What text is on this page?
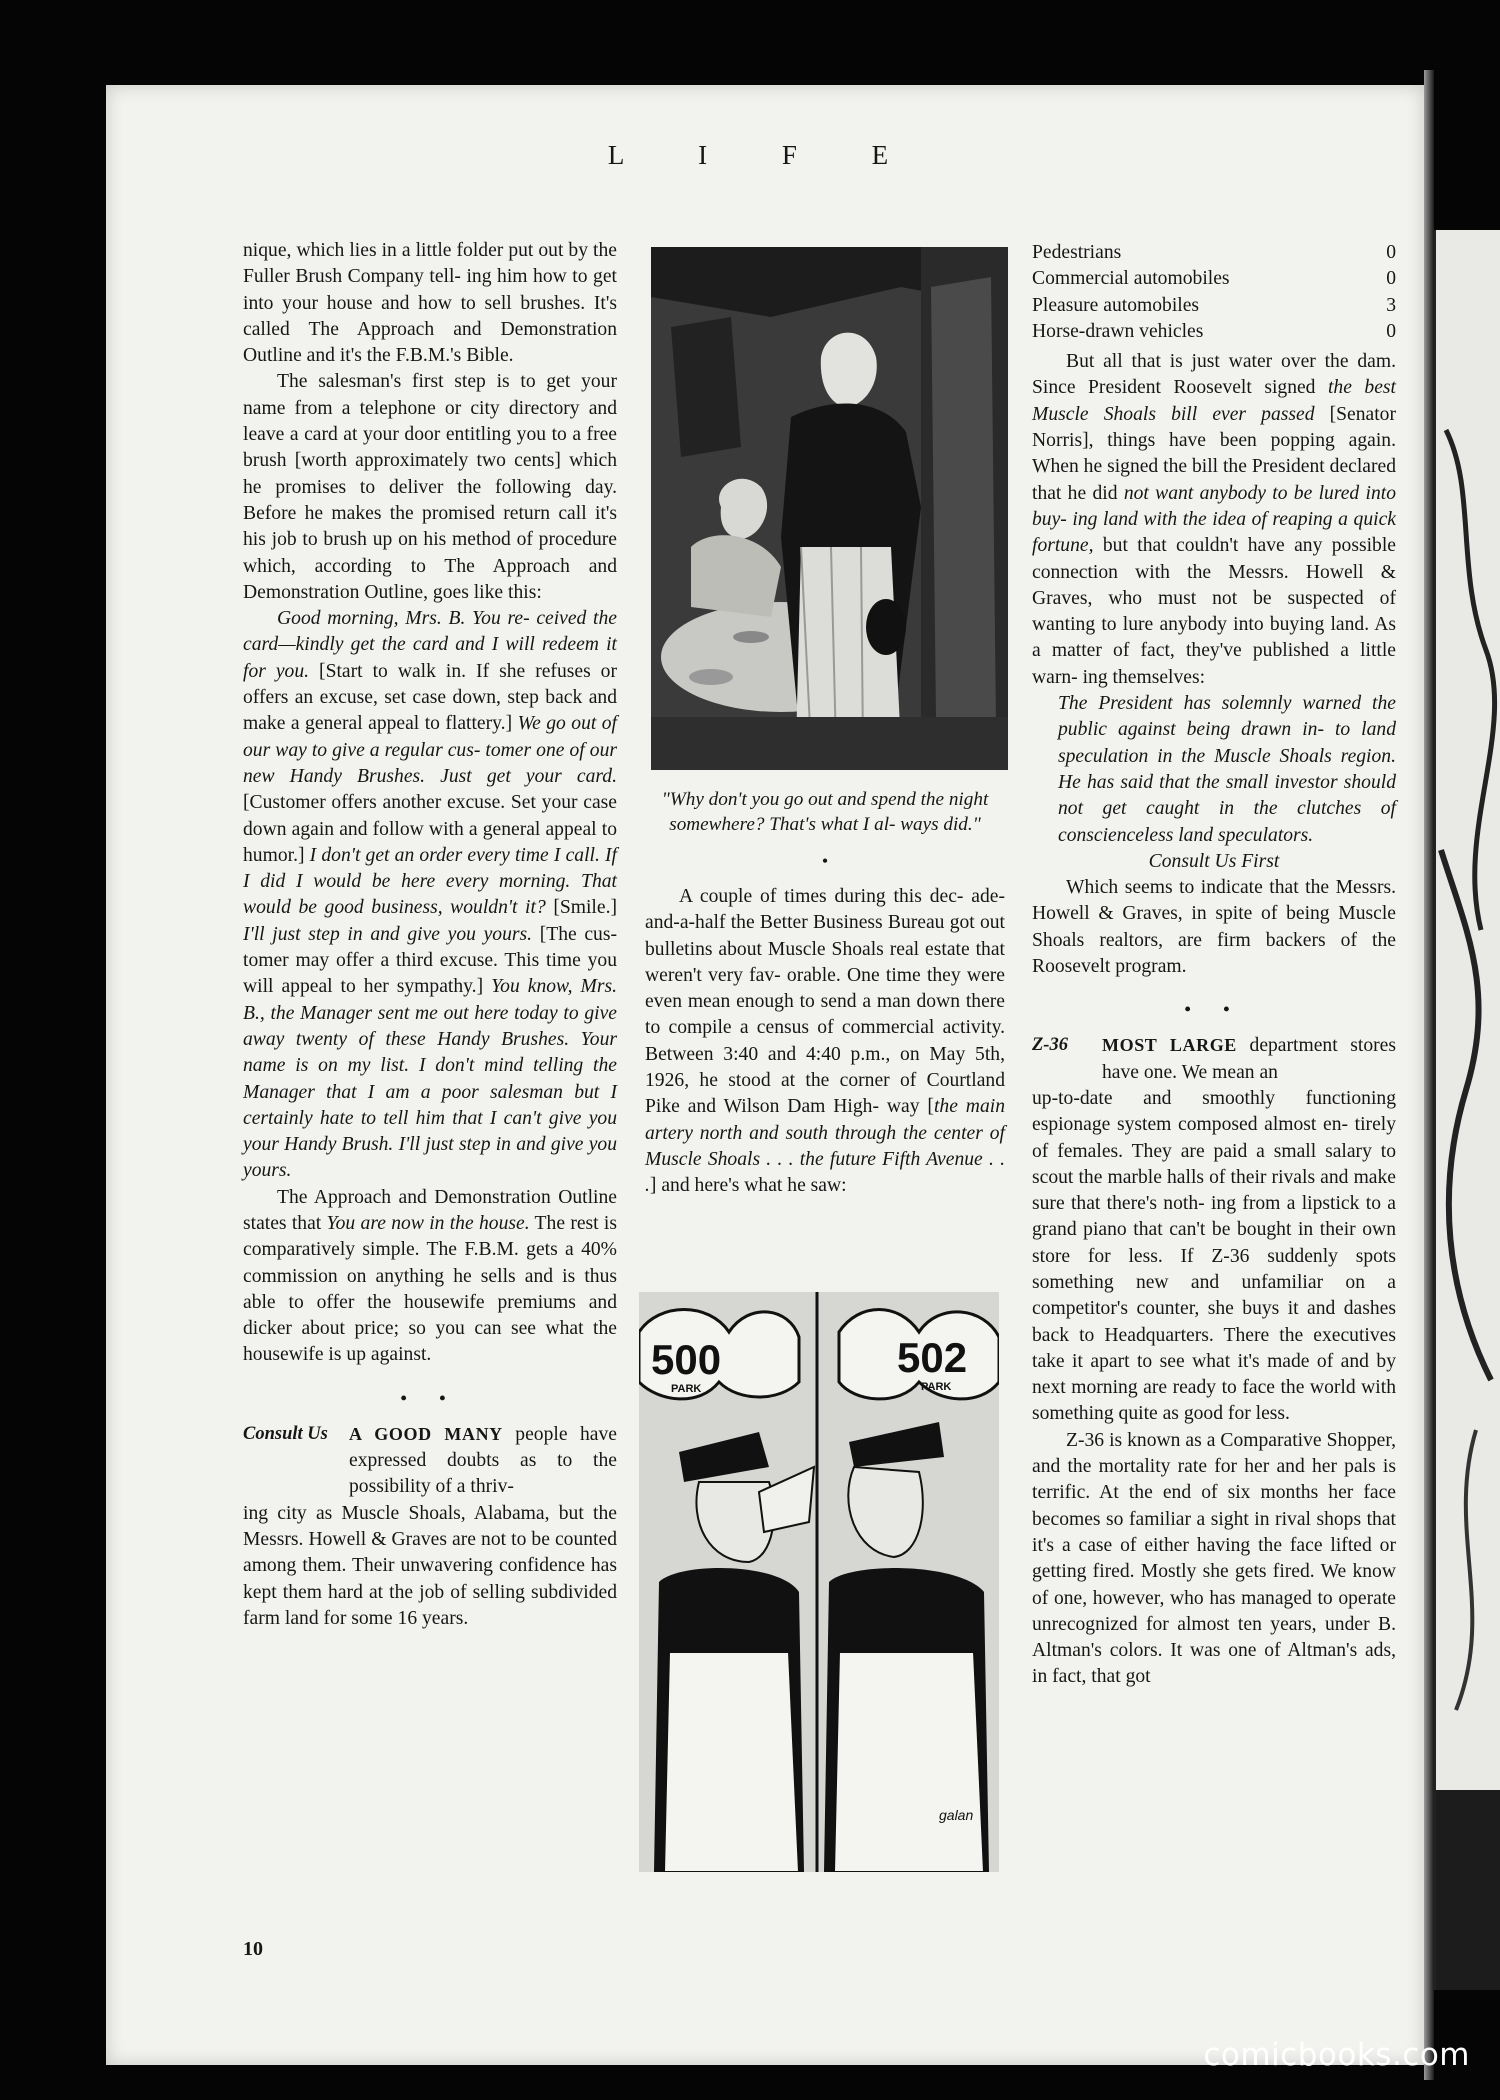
L I F E

nique, which lies in a little folder put out by the Fuller Brush Company tell- ing him how to get into your house and how to sell brushes. It's called The Approach and Demonstration Outline and it's the F.B.M.'s Bible.

The salesman's first step is to get your name from a telephone or city directory and leave a card at your door entitling you to a free brush [worth approximately two cents] which he promises to deliver the following day. Before he makes the promised return call it's his job to brush up on his method of procedure which, according to The Approach and Demonstration Outline, goes like this:

Good morning, Mrs. B. You re- ceived the card—kindly get the card and I will redeem it for you. [Start to walk in. If she refuses or offers an excuse, set case down, step back and make a general appeal to flattery.] We go out of our way to give a regular cus- tomer one of our new Handy Brushes. Just get your card. [Customer offers another excuse. Set your case down again and follow with a general appeal to humor.] I don't get an order every time I call. If I did I would be here every morning. That would be good business, wouldn't it? [Smile.] I'll just step in and give you yours. [The cus- tomer may offer a third excuse. This time you will appeal to her sympathy.] You know, Mrs. B., the Manager sent me out here today to give away twenty of these Handy Brushes. Your name is on my list. I don't mind telling the Manager that I am a poor salesman but I certainly hate to tell him that I can't give you your Handy Brush. I'll just step in and give you yours.

The Approach and Demonstration Outline states that You are now in the house. The rest is comparatively simple. The F.B.M. gets a 40% commission on anything he sells and is thus able to offer the housewife premiums and dicker about price; so you can see what the housewife is up against.

• •
Consult Us	A GOOD MANY people have expressed doubts as to the possibility of a thriv-

ing city as Muscle Shoals, Alabama, but the Messrs. Howell & Graves are not to be counted among them. Their unwavering confidence has kept them hard at the job of selling subdivided farm land for some 16 years.

"Why don't you go out and spend the night somewhere? That's what I al- ways did."
•

A couple of times during this dec- ade-and-a-half the Better Business Bureau got out bulletins about Muscle Shoals real estate that weren't very fav- orable. One time they were even mean enough to send a man down there to compile a census of commercial activity. Between 3:40 and 4:40 p.m., on May 5th, 1926, he stood at the corner of Courtland Pike and Wilson Dam High- way [the main artery north and south through the center of Muscle Shoals . . . the future Fifth Avenue . . .] and here's what he saw:

500
PARK
502
PARK
galan
Pedestrians	0
Commercial automobiles	0
Pleasure automobiles	3
Horse-drawn vehicles	0

But all that is just water over the dam. Since President Roosevelt signed the best Muscle Shoals bill ever passed [Senator Norris], things have been popping again. When he signed the bill the President declared that he did not want anybody to be lured into buy- ing land with the idea of reaping a quick fortune, but that couldn't have any possible connection with the Messrs. Howell & Graves, who must not be suspected of wanting to lure anybody into buying land. As a matter of fact, they've published a little warn- ing themselves:

The President has solemnly warned the public against being drawn in- to land speculation in the Muscle Shoals region. He has said that the small investor should not get caught in the clutches of conscienceless land speculators.

Consult Us First

Which seems to indicate that the Messrs. Howell & Graves, in spite of being Muscle Shoals realtors, are firm backers of the Roosevelt program.

• •
Z-36	MOST LARGE department stores have one. We mean an

up-to-date and smoothly functioning espionage system composed almost en- tirely of females. They are paid a small salary to scout the marble halls of their rivals and make sure that there's noth- ing from a lipstick to a grand piano that can't be bought in their own store for less. If Z-36 suddenly spots something new and unfamiliar on a competitor's counter, she buys it and dashes back to Headquarters. There the executives take it apart to see what it's made of and by next morning are ready to face the world with something quite as good for less.

Z-36 is known as a Comparative Shopper, and the mortality rate for her and her pals is terrific. At the end of six months her face becomes so familiar a sight in rival shops that it's a case of either having the face lifted or getting fired. Mostly she gets fired. We know of one, however, who has managed to operate unrecognized for almost ten years, under B. Altman's colors. It was one of Altman's ads, in fact, that got

10
comicbooks.com
